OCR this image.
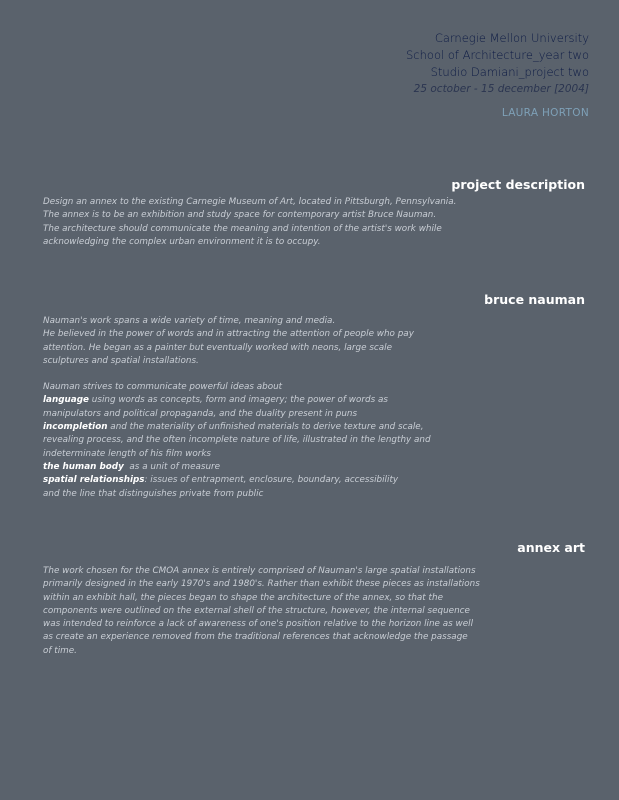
Carnegie Mellon University
School of Architecture_year two
Studio Damiani_project two
25 october - 15 december [2004]
LAURA HORTON
project description

Design an annex to the existing Carnegie Museum of Art, located in Pittsburgh, Pennsylvania.

The annex is to be an exhibition and study space for contemporary artist Bruce Nauman.

The architecture should communicate the meaning and intention of the artist's work while

acknowledging the complex urban environment it is to occupy.

bruce nauman

Nauman's work spans a wide variety of time, meaning and media.

He believed in the power of words and in attracting the attention of people who pay

attention. He began as a painter but eventually worked with neons, large scale

sculptures and spatial installations.

Nauman strives to communicate powerful ideas about

language using words as concepts, form and imagery; the power of words as

manipulators and political propaganda, and the duality present in puns

incompletion and the materiality of unfinished materials to derive texture and scale,

revealing process, and the often incomplete nature of life, illustrated in the lengthy and

indeterminate length of his film works

the human body  as a unit of measure

spatial relationships: issues of entrapment, enclosure, boundary, accessibility

and the line that distinguishes private from public

annex art

The work chosen for the CMOA annex is entirely comprised of Nauman's large spatial installations

primarily designed in the early 1970's and 1980's. Rather than exhibit these pieces as installations

within an exhibit hall, the pieces began to shape the architecture of the annex, so that the

components were outlined on the external shell of the structure, however, the internal sequence

was intended to reinforce a lack of awareness of one's position relative to the horizon line as well

as create an experience removed from the traditional references that acknowledge the passage

of time.
